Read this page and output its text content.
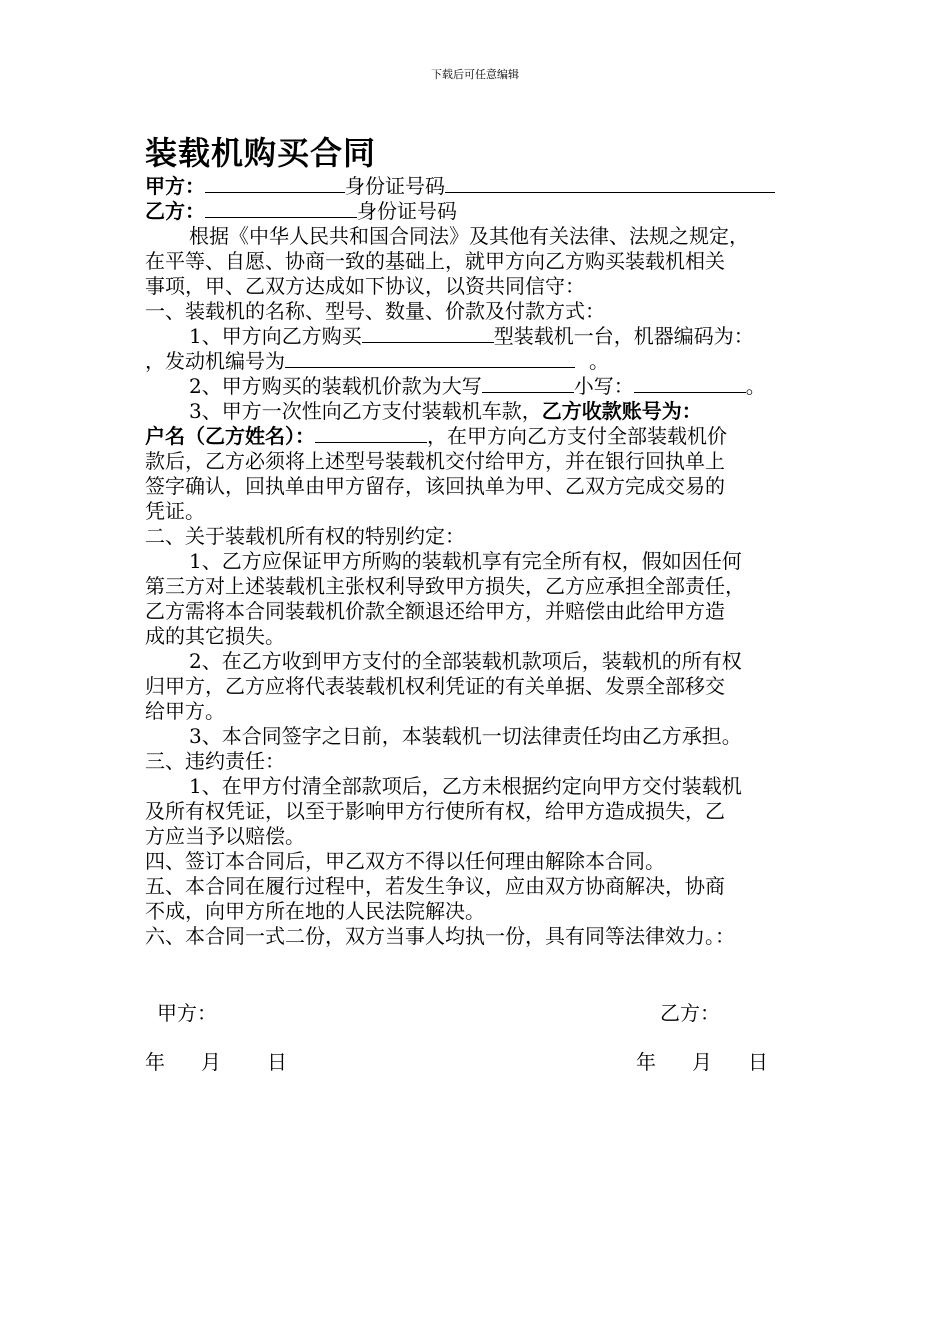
下载后可任意编辑
装载机购买合同
甲方：	身份证号码
乙方：	身份证号码
根据《中华人民共和国合同法》及其他有关法律、法规之规定，
在平等、自愿、协商一致的基础上，就甲方向乙方购买装载机相关
事项，甲、乙双方达成如下协议，以资共同信守：
一、装载机的名称、型号、数量、价款及付款方式：
1、甲方向乙方购买	型装载机一台，机器编码为：
，发动机编号为	。
2、甲方购买的装载机价款为大写	小写：	。
3、甲方一次性向乙方支付装载机车款，乙方收款账号为：
户名（乙方姓名）：	，在甲方向乙方支付全部装载机价
款后，乙方必须将上述型号装载机交付给甲方，并在银行回执单上
签字确认，回执单由甲方留存，该回执单为甲、乙双方完成交易的
凭证。
二、关于装载机所有权的特别约定：
1、乙方应保证甲方所购的装载机享有完全所有权，假如因任何
第三方对上述装载机主张权利导致甲方损失，乙方应承担全部责任，
乙方需将本合同装载机价款全额退还给甲方，并赔偿由此给甲方造
成的其它损失。
2、在乙方收到甲方支付的全部装载机款项后，装载机的所有权
归甲方，乙方应将代表装载机权利凭证的有关单据、发票全部移交
给甲方。
3、本合同签字之日前，本装载机一切法律责任均由乙方承担。
三、违约责任：
1、在甲方付清全部款项后，乙方未根据约定向甲方交付装载机
及所有权凭证，以至于影响甲方行使所有权，给甲方造成损失，乙
方应当予以赔偿。
四、签订本合同后，甲乙双方不得以任何理由解除本合同。
五、本合同在履行过程中，若发生争议，应由双方协商解决，协商
不成，向甲方所在地的人民法院解决。
六、本合同一式二份，双方当事人均执一份，具有同等法律效力。：
甲方：	乙方：
年 月 日	年 月 日
